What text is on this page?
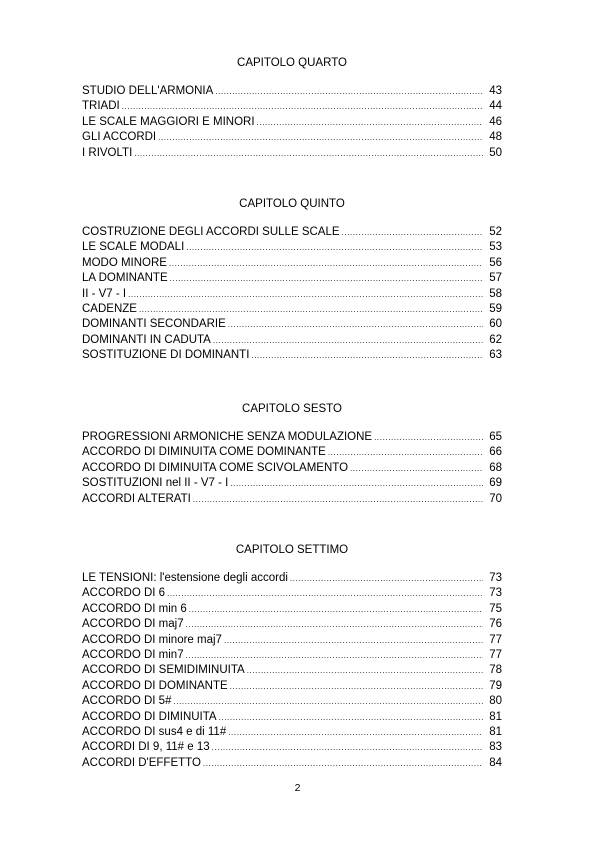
CAPITOLO QUARTO
STUDIO DELL'ARMONIA .....	43
TRIADI .....	44
LE SCALE MAGGIORI E MINORI .....	46
GLI ACCORDI .....	48
I RIVOLTI .....	50
CAPITOLO QUINTO
COSTRUZIONE DEGLI ACCORDI SULLE SCALE .....	52
LE SCALE MODALI .....	53
MODO MINORE .....	56
LA DOMINANTE .....	57
II - V7 - I .....	58
CADENZE .....	59
DOMINANTI SECONDARIE .....	60
DOMINANTI IN CADUTA .....	62
SOSTITUZIONE DI DOMINANTI .....	63
CAPITOLO SESTO
PROGRESSIONI ARMONICHE SENZA MODULAZIONE .....	65
ACCORDO DI DIMINUITA COME DOMINANTE .....	66
ACCORDO DI DIMINUITA COME SCIVOLAMENTO .....	68
SOSTITUZIONI nel II - V7 - I .....	69
ACCORDI ALTERATI .....	70
CAPITOLO SETTIMO
LE TENSIONI: l'estensione degli accordi .....	73
ACCORDO DI 6 .....	73
ACCORDO DI min 6 .....	75
ACCORDO DI maj7 .....	76
ACCORDO DI minore maj7 .....	77
ACCORDO DI min7 .....	77
ACCORDO DI SEMIDIMINUITA .....	78
ACCORDO DI DOMINANTE .....	79
ACCORDO DI 5# .....	80
ACCORDO DI DIMINUITA .....	81
ACCORDO DI sus4 e di 11# .....	81
ACCORDI DI 9, 11# e 13 .....	83
ACCORDI D'EFFETTO .....	84
2
